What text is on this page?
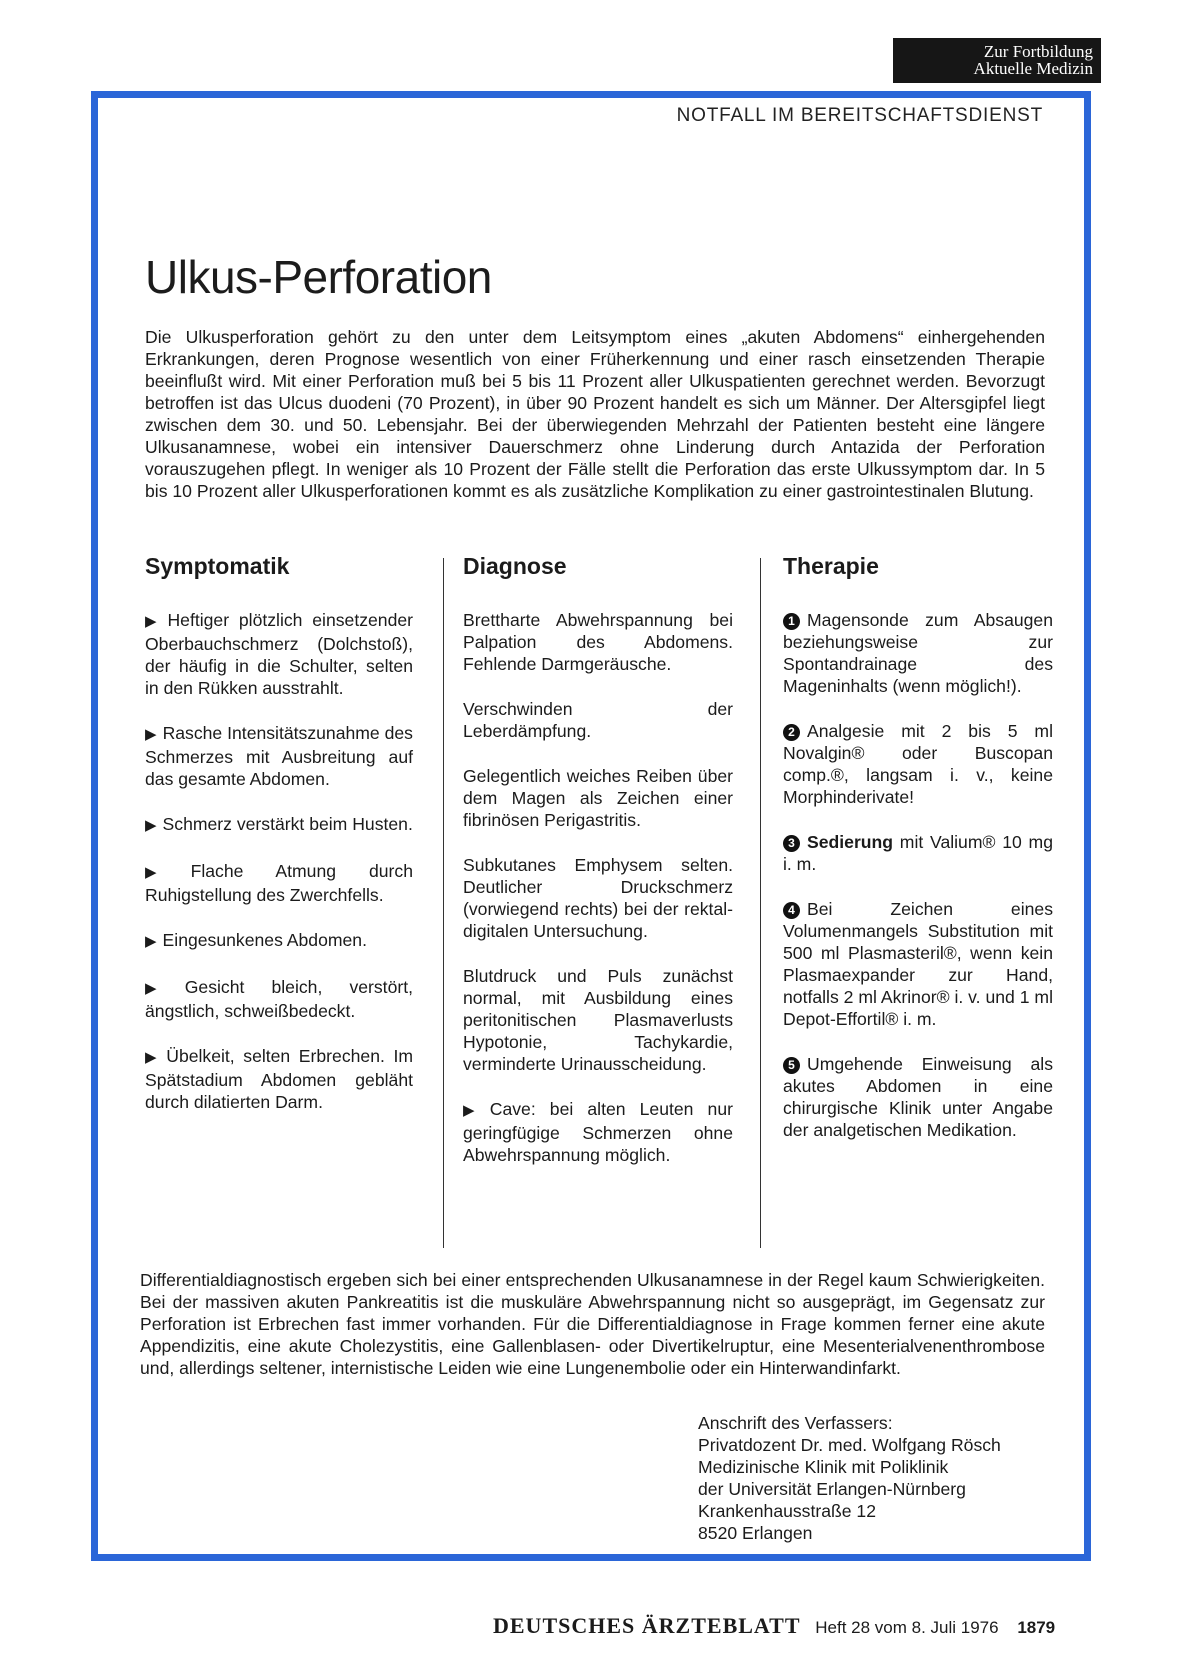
Zur Fortbildung
Aktuelle Medizin
NOTFALL IM BEREITSCHAFTSDIENST
Ulkus-Perforation

Die Ulkusperforation gehört zu den unter dem Leitsymptom eines „akuten Abdomens“ einhergehenden Erkrankungen, deren Prognose wesentlich von einer Früherkennung und einer rasch einsetzenden Therapie beeinflußt wird. Mit einer Perforation muß bei 5 bis 11 Prozent aller Ulkuspatienten gerechnet werden. Bevorzugt betroffen ist das Ulcus duodeni (70 Prozent), in über 90 Prozent handelt es sich um Männer. Der Altersgipfel liegt zwischen dem 30. und 50. Lebensjahr. Bei der überwiegenden Mehrzahl der Patienten besteht eine längere Ulkusanamnese, wobei ein intensiver Dauerschmerz ohne Linderung durch Antazida der Perforation vorauszugehen pflegt. In weniger als 10 Prozent der Fälle stellt die Perforation das erste Ulkussymptom dar. In 5 bis 10 Prozent aller Ulkusperforationen kommt es als zusätzliche Komplikation zu einer gastrointestinalen Blutung.

Symptomatik

▶ Heftiger plötzlich einsetzender Oberbauchschmerz (Dolchstoß), der häufig in die Schulter, selten in den Rükken ausstrahlt.

▶ Rasche Intensitätszunahme des Schmerzes mit Ausbreitung auf das gesamte Abdomen.

▶ Schmerz verstärkt beim Husten.

▶ Flache Atmung durch Ruhigstellung des Zwerchfells.

▶ Eingesunkenes Abdomen.

▶ Gesicht bleich, verstört, ängstlich, schweißbedeckt.

▶ Übelkeit, selten Erbrechen. Im Spätstadium Abdomen gebläht durch dilatierten Darm.

Diagnose

Brettharte Abwehrspannung bei Palpation des Abdomens. Fehlende Darmgeräusche.

Verschwinden der Leberdämpfung.

Gelegentlich weiches Reiben über dem Magen als Zeichen einer fibrinösen Perigastritis.

Subkutanes Emphysem selten. Deutlicher Druckschmerz (vorwiegend rechts) bei der rektal-digitalen Untersuchung.

Blutdruck und Puls zunächst normal, mit Ausbildung eines peritonitischen Plasmaverlusts Hypotonie, Tachykardie, verminderte Urinausscheidung.

▶ Cave: bei alten Leuten nur geringfügige Schmerzen ohne Abwehrspannung möglich.

Therapie

1 Magensonde zum Absaugen beziehungsweise zur Spontandrainage des Mageninhalts (wenn möglich!).

2 Analgesie mit 2 bis 5 ml Novalgin® oder Buscopan comp.®, langsam i. v., keine Morphinderivate!

3 Sedierung mit Valium® 10 mg i. m.

4 Bei Zeichen eines Volumenmangels Substitution mit 500 ml Plasmasteril®, wenn kein Plasmaexpander zur Hand, notfalls 2 ml Akrinor® i. v. und 1 ml Depot-Effortil® i. m.

5 Umgehende Einweisung als akutes Abdomen in eine chirurgische Klinik unter Angabe der analgetischen Medikation.

Differentialdiagnostisch ergeben sich bei einer entsprechenden Ulkusanamnese in der Regel kaum Schwierigkeiten. Bei der massiven akuten Pankreatitis ist die muskuläre Abwehrspannung nicht so ausgeprägt, im Gegensatz zur Perforation ist Erbrechen fast immer vorhanden. Für die Differentialdiagnose in Frage kommen ferner eine akute Appendizitis, eine akute Cholezystitis, eine Gallenblasen- oder Divertikelruptur, eine Mesenterialvenenthrombose und, allerdings seltener, internistische Leiden wie eine Lungenembolie oder ein Hinterwandinfarkt.

Anschrift des Verfassers:
Privatdozent Dr. med. Wolfgang Rösch
Medizinische Klinik mit Poliklinik
der Universität Erlangen-Nürnberg
Krankenhausstraße 12
8520 Erlangen
DEUTSCHES ÄRZTEBLATT Heft 28 vom 8. Juli 1976 1879
